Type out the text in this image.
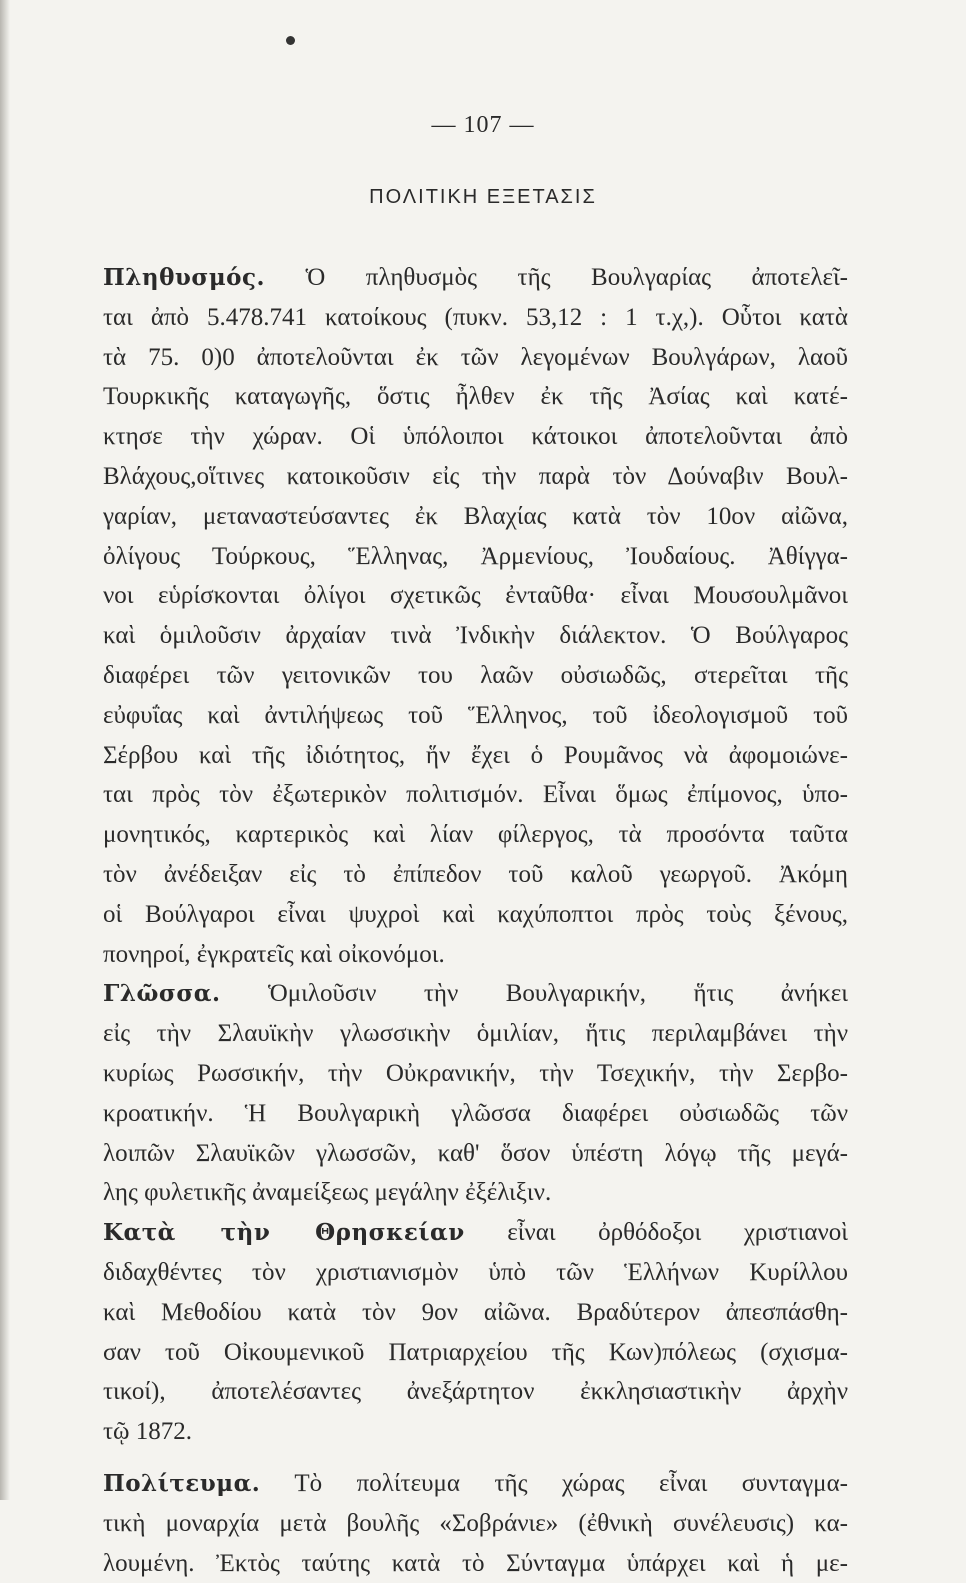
— 107 —
ΠΟΛΙΤΙΚΗ ΕΞΕΤΑΣΙΣ
Πληθυσμός. Ὁ πληθυσμὸς τῆς Βουλγαρίας ἀποτελεῖ-
ται ἀπὸ 5.478.741 κατοίκους (πυκν. 53,12 : 1 τ.χ,). Οὗτοι κατὰ
τὰ 75. 0)0 ἀποτελοῦνται ἐκ τῶν λεγομένων Βουλγάρων, λαοῦ
Τουρκικῆς καταγωγῆς, ὅστις ἦλθεν ἐκ τῆς Ἀσίας καὶ κατέ-
κτησε τὴν χώραν. Οἱ ὑπόλοιποι κάτοικοι ἀποτελοῦνται ἀπὸ
Βλάχους,οἵτινες κατοικοῦσιν εἰς τὴν παρὰ τὸν Δούναβιν Βουλ-
γαρίαν, μεταναστεύσαντες ἐκ Βλαχίας κατὰ τὸν 10ον αἰῶνα,
ὀλίγους Τούρκους, Ἕλληνας, Ἀρμενίους, Ἰουδαίους. Ἀθίγγα-
νοι εὑρίσκονται ὀλίγοι σχετικῶς ἐνταῦθα· εἶναι Μουσουλμᾶνοι
καὶ ὁμιλοῦσιν ἀρχαίαν τινὰ Ἰνδικὴν διάλεκτον. Ὁ Βούλγαρος
διαφέρει τῶν γειτονικῶν του λαῶν οὐσιωδῶς, στερεῖται τῆς
εὐφυΐας καὶ ἀντιλήψεως τοῦ Ἕλληνος, τοῦ ἰδεολογισμοῦ τοῦ
Σέρβου καὶ τῆς ἰδιότητος, ἥν ἔχει ὁ Ρουμᾶνος νὰ ἀφομοιώνε-
ται πρὸς τὸν ἐξωτερικὸν πολιτισμόν. Εἶναι ὅμως ἐπίμονος, ὑπο-
μονητικός, καρτερικὸς καὶ λίαν φίλεργος, τὰ προσόντα ταῦτα
τὸν ἀνέδειξαν εἰς τὸ ἐπίπεδον τοῦ καλοῦ γεωργοῦ. Ἀκόμη
οἱ Βούλγαροι εἶναι ψυχροὶ καὶ καχύποπτοι πρὸς τοὺς ξένους,
πονηροί, ἐγκρατεῖς καὶ οἰκονόμοι.
Γλῶσσα. Ὁμιλοῦσιν τὴν Βουλγαρικήν, ἥτις ἀνήκει
εἰς τὴν Σλαυϊκὴν γλωσσικὴν ὁμιλίαν, ἥτις περιλαμβάνει τὴν
κυρίως Ρωσσικήν, τὴν Οὐκρανικήν, τὴν Τσεχικήν, τὴν Σερβο-
κροατικήν. Ἡ Βουλγαρικὴ γλῶσσα διαφέρει οὐσιωδῶς τῶν
λοιπῶν Σλαυϊκῶν γλωσσῶν, καθ' ὅσον ὑπέστη λόγῳ τῆς μεγά-
λης φυλετικῆς ἀναμείξεως μεγάλην ἐξέλιξιν.
Κατὰ τὴν Θρησκείαν εἶναι ὀρθόδοξοι χριστιανοὶ
διδαχθέντες τὸν χριστιανισμὸν ὑπὸ τῶν Ἑλλήνων Κυρίλλου
καὶ Μεθοδίου κατὰ τὸν 9ον αἰῶνα. Βραδύτερον ἀπεσπάσθη-
σαν τοῦ Οἰκουμενικοῦ Πατριαρχείου τῆς Κων)πόλεως (σχισμα-
τικοί), ἀποτελέσαντες ἀνεξάρτητον ἐκκλησιαστικὴν ἀρχὴν
τῷ 1872.
Πολίτευμα. Τὸ πολίτευμα τῆς χώρας εἶναι συνταγμα-
τικὴ μοναρχία μετὰ βουλῆς «Σοβράνιε» (ἐθνικὴ συνέλευσις) κα-
λουμένη. Ἐκτὸς ταύτης κατὰ τὸ Σύνταγμα ὑπάρχει καὶ ἡ με-
